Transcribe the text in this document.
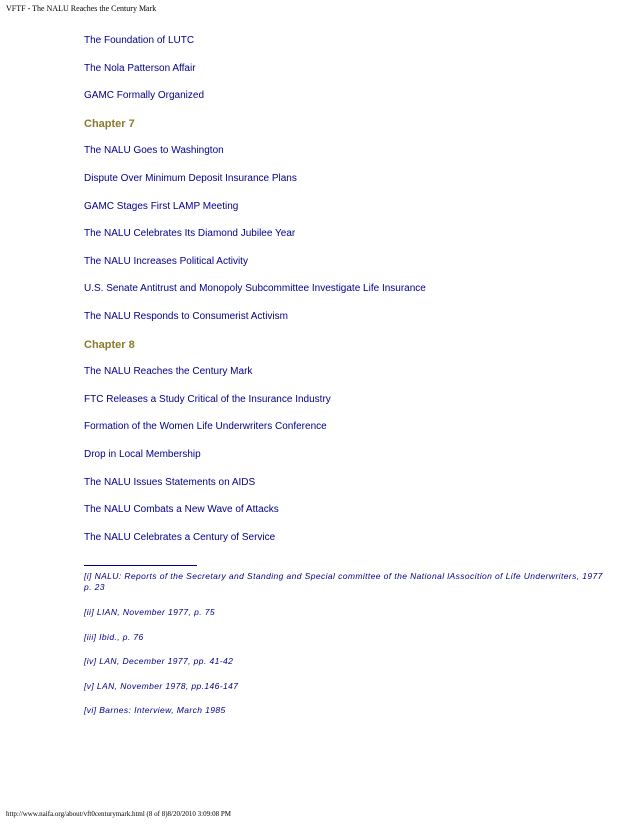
VFTF - The NALU Reaches the Century Mark
The Foundation of LUTC
The Nola Patterson Affair
GAMC Formally Organized
Chapter 7
The NALU Goes to Washington
Dispute Over Minimum Deposit Insurance Plans
GAMC Stages First LAMP Meeting
The NALU Celebrates Its Diamond Jubilee Year
The NALU Increases Political Activity
U.S. Senate Antitrust and Monopoly Subcommittee Investigate Life Insurance
The NALU Responds to Consumerist Activism
Chapter 8
The NALU Reaches the Century Mark
FTC Releases a Study Critical of the Insurance Industry
Formation of the Women Life Underwriters Conference
Drop in Local Membership
The NALU Issues Statements on AIDS
The NALU Combats a New Wave of Attacks
The NALU Celebrates a Century of Service
[i] NALU: Reports of the Secretary and Standing and Special committee of the National lAssocition of Life Underwriters, 1977 p. 23
[ii] LIAN, November 1977, p. 75
[iii] Ibid., p. 76
[iv] LAN, December 1977, pp. 41-42
[v] LAN, November 1978, pp.146-147
[vi] Barnes: Interview, March 1985
http://www.naifa.org/about/vft0centurymark.html (8 of 8)8/20/2010 3:09:08 PM
